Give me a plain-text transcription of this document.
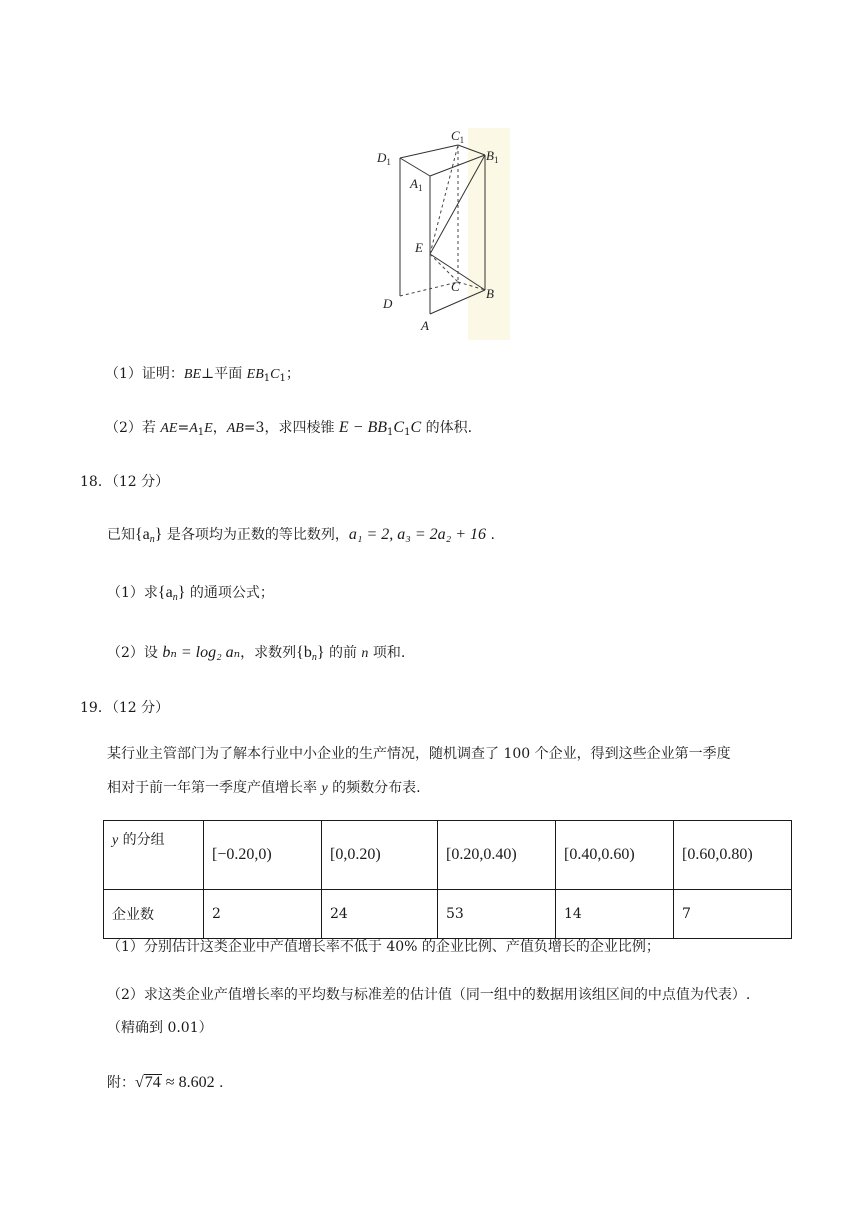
$C_1$
$B_1$
$D_1$
$A_1$
E
C B
D
A
（1）证明：BE⊥平面 $EB_1C_1$；
（2）若 $AE=A_1E$，AB=3，求四棱锥 $E - BB_1C_1C$ 的体积.
18．（12 分）
已知$\{a_n\}$ 是各项均为正数的等比数列，a₁ = 2, a₃ = 2a₂ + 16 .
（1）求$\{a_n\}$ 的通项公式；
（2）设 bₙ = log₂ aₙ，求数列$\{b_n\}$ 的前 n 项和.
19．（12 分）
某行业主管部门为了解本行业中小企业的生产情况，随机调查了 100 个企业，得到这些企业第一季度
相对于前一年第一季度产值增长率 y 的频数分布表.
y 的分组	[−0.20,0)	[0,0.20)	[0.20,0.40)	[0.40,0.60)	[0.60,0.80)
企业数	2	24	53	14	7
（1）分别估计这类企业中产值增长率不低于 40% 的企业比例、产值负增长的企业比例；
（2）求这类企业产值增长率的平均数与标准差的估计值（同一组中的数据用该组区间的中点值为代表）.
（精确到 0.01）
附：√74 ≈ 8.602 .
